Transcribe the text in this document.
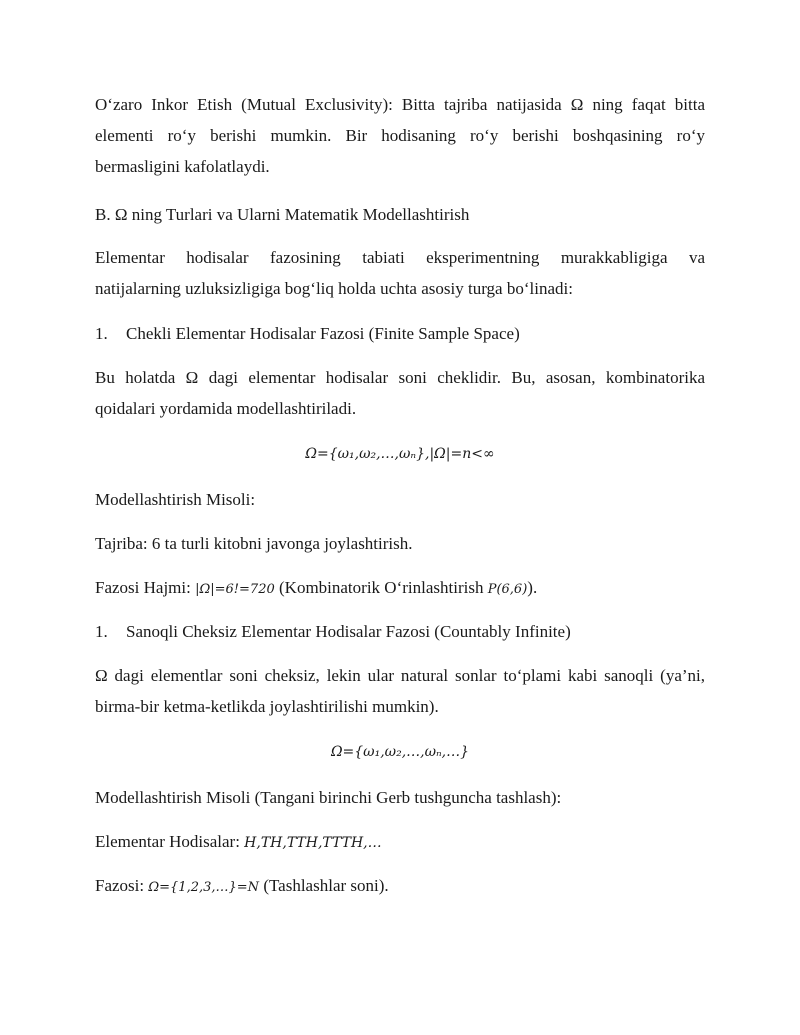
O‘zaro Inkor Etish (Mutual Exclusivity): Bitta tajriba natijasida Ω ning faqat bitta
elementi ro‘y berishi mumkin. Bir hodisaning ro‘y berishi boshqasining ro‘y
bermasligini kafolatlaydi.
B. Ω ning Turlari va Ularni Matematik Modellashtirish
Elementar hodisalar fazosining tabiati eksperimentning murakkabligiga va
natijalarning uzluksizligiga bog‘liq holda uchta asosiy turga bo‘linadi:
1. Chekli Elementar Hodisalar Fazosi (Finite Sample Space)
Bu holatda Ω dagi elementar hodisalar soni cheklidir. Bu, asosan, kombinatorika
qoidalari yordamida modellashtiriladi.
Ω={ω₁,ω₂,…,ωₙ},|Ω|=n<∞
Modellashtirish Misoli:
Tajriba: 6 ta turli kitobni javonga joylashtirish.
Fazosi Hajmi: |Ω|=6!=720 (Kombinatorik O‘rinlashtirish P(6,6)).
1. Sanoqli Cheksiz Elementar Hodisalar Fazosi (Countably Infinite)
Ω dagi elementlar soni cheksiz, lekin ular natural sonlar to‘plami kabi sanoqli (ya’ni,
birma-bir ketma-ketlikda joylashtirilishi mumkin).
Ω={ω₁,ω₂,…,ωₙ,…}
Modellashtirish Misoli (Tangani birinchi Gerb tushguncha tashlash):
Elementar Hodisalar: H,TH,TTH,TTTH,…
Fazosi: Ω={1,2,3,…}=N (Tashlashlar soni).
